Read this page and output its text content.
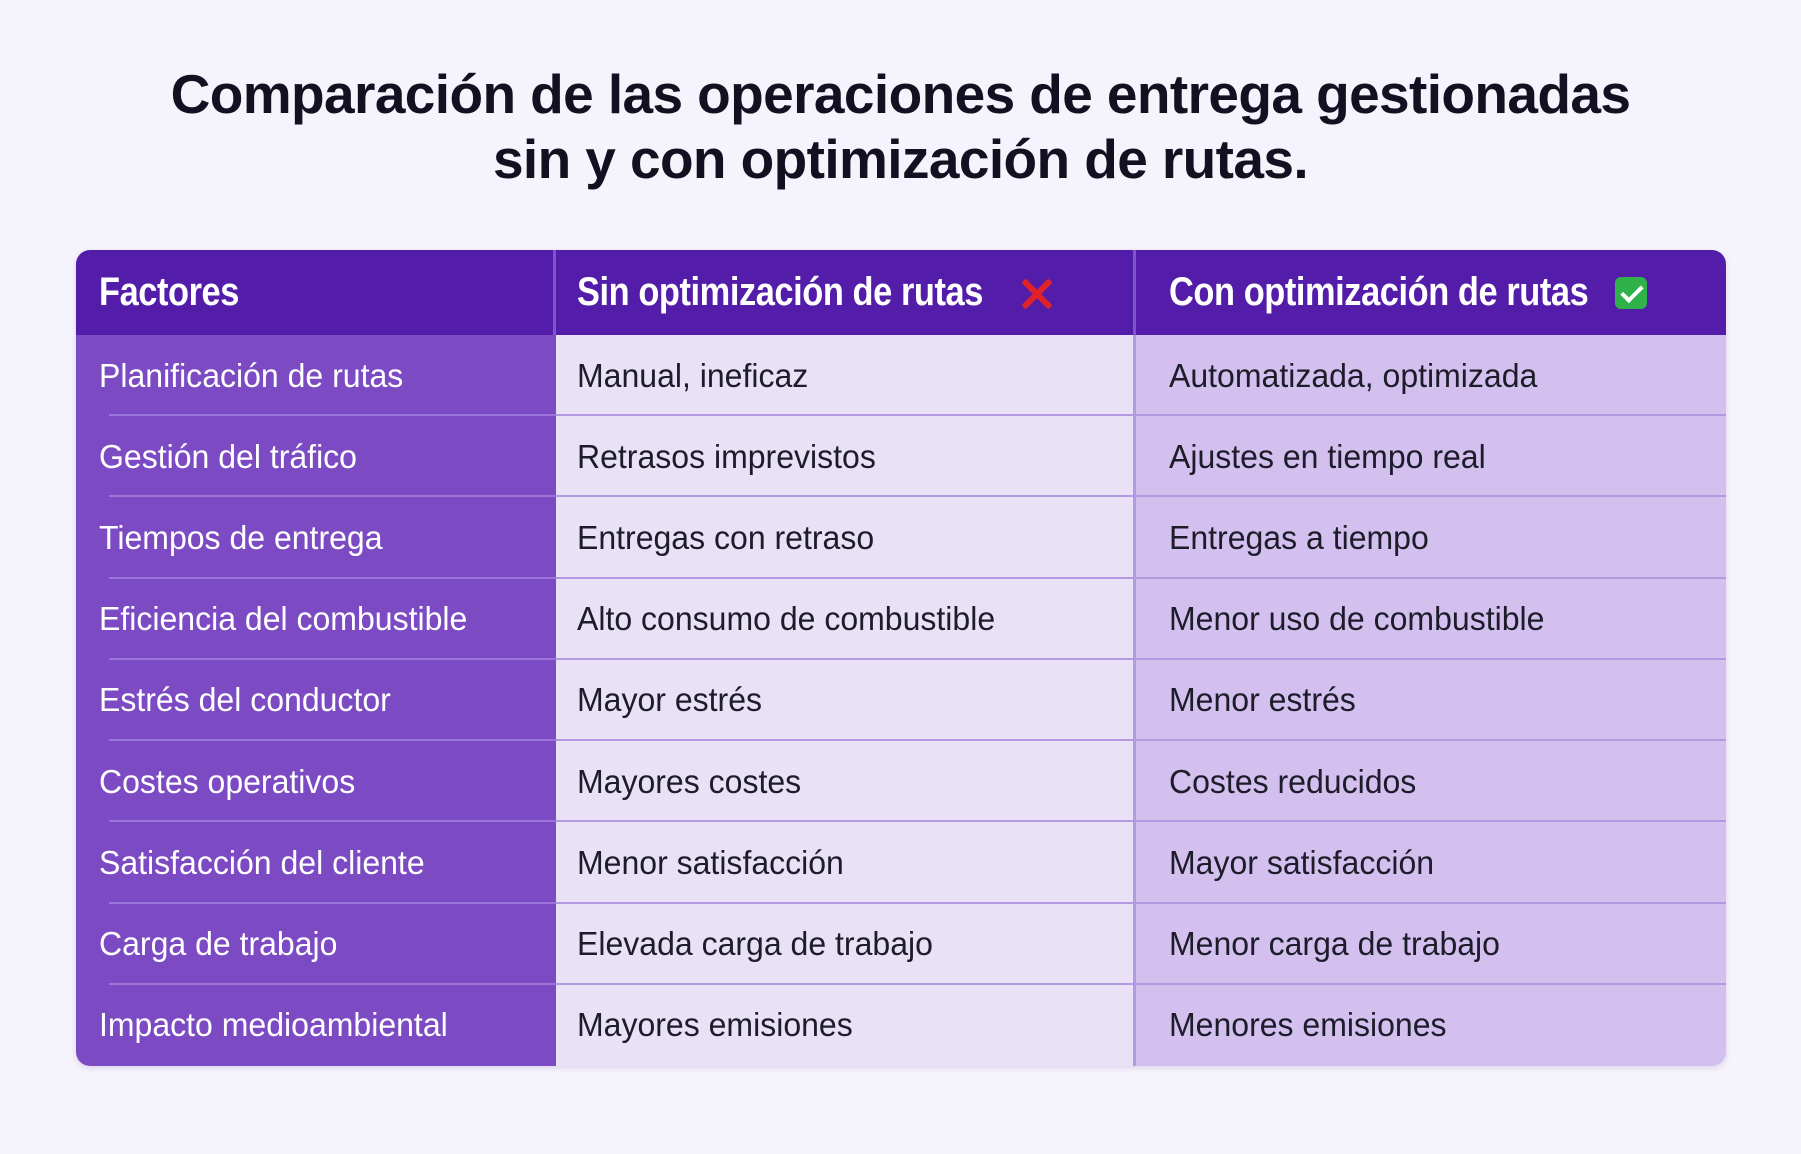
Comparación de las operaciones de entrega gestionadas
sin y con optimización de rutas.
Factores	Sin optimización de rutas	Con optimización de rutas
Planificación de rutas
Gestión del tráfico
Tiempos de entrega
Eficiencia del combustible
Estrés del conductor
Costes operativos
Satisfacción del cliente
Carga de trabajo
Impacto medioambiental
Manual, ineficaz
Retrasos imprevistos
Entregas con retraso
Alto consumo de combustible
Mayor estrés
Mayores costes
Menor satisfacción
Elevada carga de trabajo
Mayores emisiones
Automatizada, optimizada
Ajustes en tiempo real
Entregas a tiempo
Menor uso de combustible
Menor estrés
Costes reducidos
Mayor satisfacción
Menor carga de trabajo
Menores emisiones
